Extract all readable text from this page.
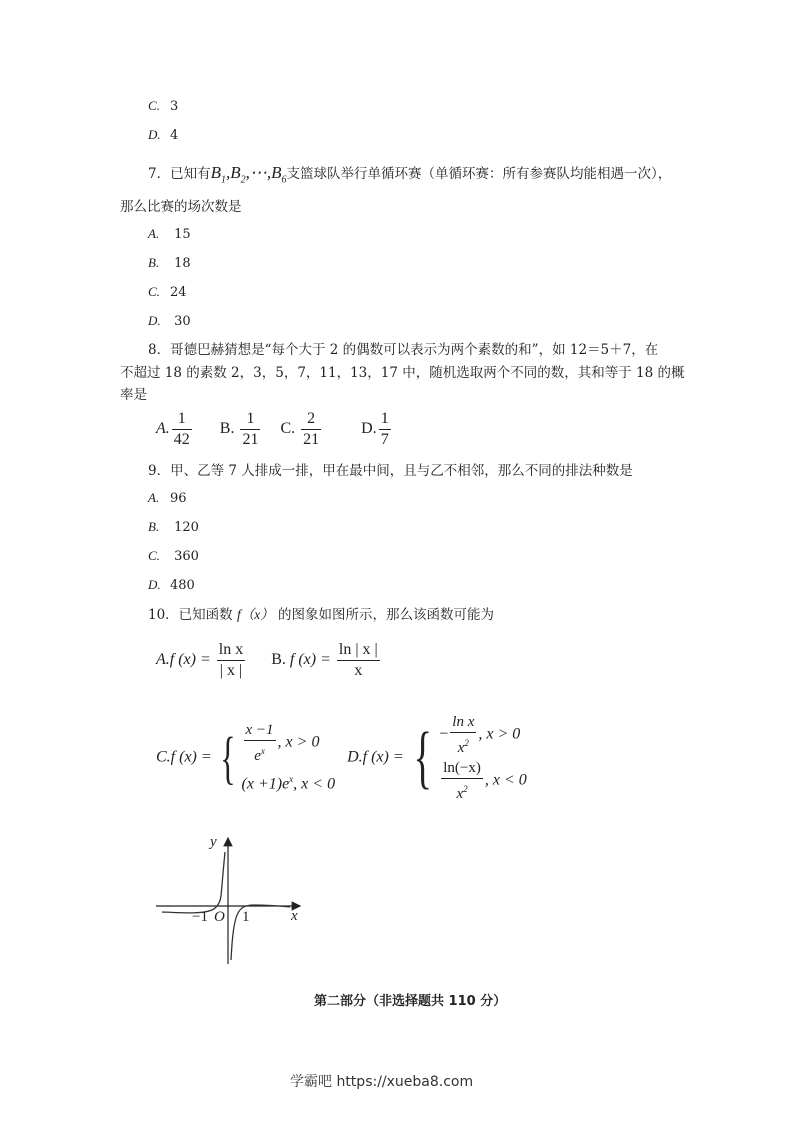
C. 3
D. 4
7．已知有$B_1,B_2,\cdots,B_6$支篮球队举行单循环赛（单循环赛：所有参赛队均能相遇一次），
那么比赛的场次数是
A. 15
B. 18
C. 24
D. 30
8．哥德巴赫猜想是“每个大于 2 的偶数可以表示为两个素数的和”，如 12＝5＋7，在
不超过 18 的素数 2，3，5，7，11，13，17 中，随机选取两个不同的数，其和等于 18 的概
率是
A. $\frac{1}{42} B$. $\frac{1}{21} C$. $\frac{2}{21}$	D. $\frac{1}{7}$
9．甲、乙等 7 人排成一排，甲在最中间，且与乙不相邻，那么不同的排法种数是
A. 96
B. 120
C. 360
D. 480
10．已知函数 f（x） 的图象如图所示，那么该函数可能为
A.f $(x) = \frac{\text{ln x}}{| x |} B$. f $(x) = \frac{\ln | x |}{x}$
C.f (x) = { $\frac{x -1}{e^x}$ , x > 0
$(x +1)e^x$, x < 0
D.f (x) = { − $\frac{\text{ln x}}{x^2}$ , x > 0
$\frac{\ln(-x)}{x^2}$ , x < 0
y
x
−1 O 1
第二部分（非选择题共 110 分）
学霸吧 https://xueba8.com
